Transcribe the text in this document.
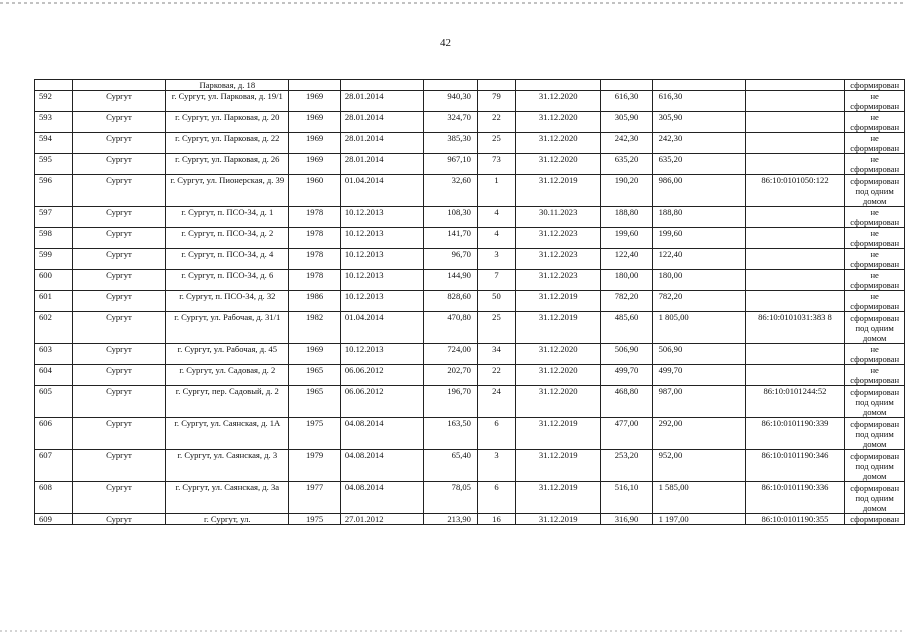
42
		Парковая, д. 18									сформирован
592	Сургут	г. Сургут, ул. Парковая, д. 19/1	1969	28.01.2014	940,30	79	31.12.2020	616,30	616,30		не сформирован
593	Сургут	г. Сургут, ул. Парковая, д. 20	1969	28.01.2014	324,70	22	31.12.2020	305,90	305,90		не сформирован
594	Сургут	г. Сургут, ул. Парковая, д. 22	1969	28.01.2014	385,30	25	31.12.2020	242,30	242,30		не сформирован
595	Сургут	г. Сургут, ул. Парковая, д. 26	1969	28.01.2014	967,10	73	31.12.2020	635,20	635,20		не сформирован
596	Сургут	г. Сургут, ул. Пионерская, д. 39	1960	01.04.2014	32,60	1	31.12.2019	190,20	986,00	86:10:0101050:122	сформирован под одним домом
597	Сургут	г. Сургут, п. ПСО-34, д. 1	1978	10.12.2013	108,30	4	30.11.2023	188,80	188,80		не сформирован
598	Сургут	г. Сургут, п. ПСО-34, д. 2	1978	10.12.2013	141,70	4	31.12.2023	199,60	199,60		не сформирован
599	Сургут	г. Сургут, п. ПСО-34, д. 4	1978	10.12.2013	96,70	3	31.12.2023	122,40	122,40		не сформирован
600	Сургут	г. Сургут, п. ПСО-34, д. 6	1978	10.12.2013	144,90	7	31.12.2023	180,00	180,00		не сформирован
601	Сургут	г. Сургут, п. ПСО-34, д. 32	1986	10.12.2013	828,60	50	31.12.2019	782,20	782,20		не сформирован
602	Сургут	г. Сургут, ул. Рабочая, д. 31/1	1982	01.04.2014	470,80	25	31.12.2019	485,60	1 805,00	86:10:0101031:383 8	сформирован под одним домом
603	Сургут	г. Сургут, ул. Рабочая, д. 45	1969	10.12.2013	724,00	34	31.12.2020	506,90	506,90		не сформирован
604	Сургут	г. Сургут, ул. Садовая, д. 2	1965	06.06.2012	202,70	22	31.12.2020	499,70	499,70		не сформирован
605	Сургут	г. Сургут, пер. Садовый, д. 2	1965	06.06.2012	196,70	24	31.12.2020	468,80	987,00	86:10:0101244:52	сформирован под одним домом
606	Сургут	г. Сургут, ул. Саянская, д. 1А	1975	04.08.2014	163,50	6	31.12.2019	477,00	292,00	86:10:0101190:339	сформирован под одним домом
607	Сургут	г. Сургут, ул. Саянская, д. 3	1979	04.08.2014	65,40	3	31.12.2019	253,20	952,00	86:10:0101190:346	сформирован под одним домом
608	Сургут	г. Сургут, ул. Саянская, д. 3а	1977	04.08.2014	78,05	6	31.12.2019	516,10	1 585,00	86:10:0101190:336	сформирован под одним домом
609	Сургут	г. Сургут, ул.	1975	27.01.2012	213,90	16	31.12.2019	316,90	1 197,00	86:10:0101190:355	сформирован
